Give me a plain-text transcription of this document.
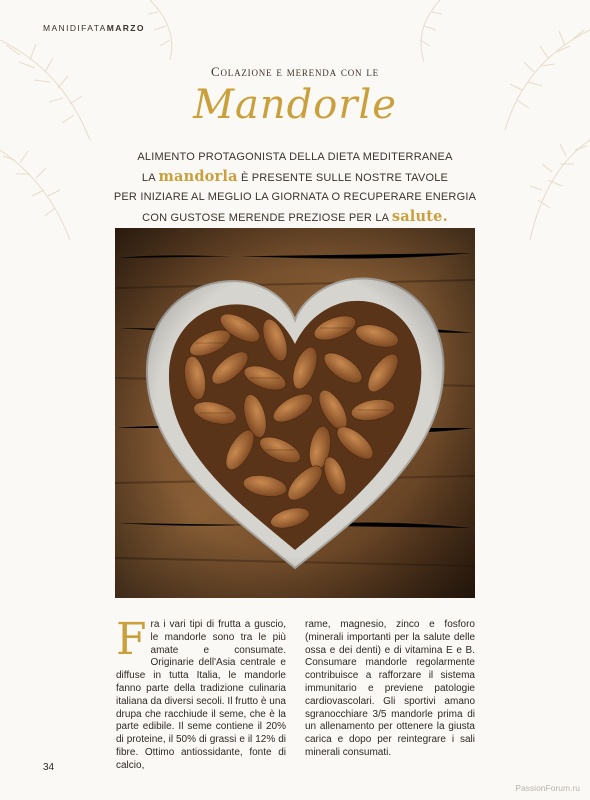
MANIDIFATAMARZO
Colazione e merenda con le
Mandorle
ALIMENTO PROTAGONISTA DELLA DIETA MEDITERRANEA
LA mandorla È PRESENTE SULLE NOSTRE TAVOLE
PER INIZIARE AL MEGLIO LA GIORNATA O RECUPERARE ENERGIA
CON GUSTOSE MERENDE PREZIOSE PER LA salute.
Fra i vari tipi di frutta a guscio, le mandorle sono tra le più amate e consumate. Originarie dell'Asia centrale e diffuse in tutta Italia, le mandorle fanno parte della tradizione culinaria italiana da diversi secoli. Il frutto è una drupa che racchiude il seme, che è la parte edibile. Il seme contiene il 20% di proteine, il 50% di grassi e il 12% di fibre. Ottimo antiossidante, fonte di calcio,
rame, magnesio, zinco e fosforo (minerali importanti per la salute delle ossa e dei denti) e di vitamina E e B. Consumare mandorle regolarmente contribuisce a rafforzare il sistema immunitario e previene patologie cardiovascolari. Gli sportivi amano sgranocchiare 3/5 mandorle prima di un allenamento per ottenere la giusta carica e dopo per reintegrare i sali minerali consumati.
34
PassionForum.ru
